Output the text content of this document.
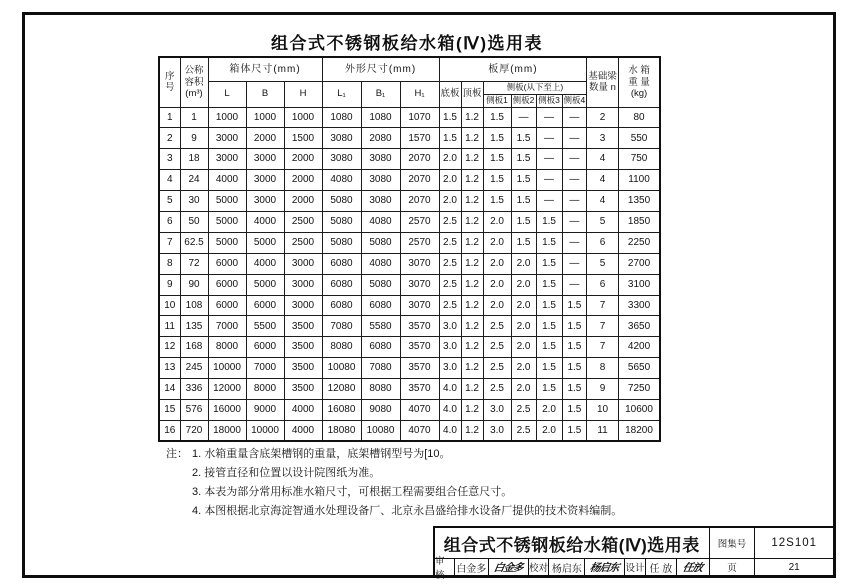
组合式不锈钢板给水箱(Ⅳ)选用表
序
号	公称
容积
(m³)	箱体尺寸(mm)			外形尺寸(mm)			板厚(mm)						基础梁
数量 n	水 箱
重 量
(kg)

		L	B	H	L₁	B₁	H₁	底板	顶板	侧板(从下至上)					
										侧板1	侧板2	侧板3	侧板4		
1	1	1000	1000	1000	1080	1080	1070	1.5	1.2	1.5	—	—	—	2	80
2	9	3000	2000	1500	3080	2080	1570	1.5	1.2	1.5	1.5	—	—	3	550
3	18	3000	3000	2000	3080	3080	2070	2.0	1.2	1.5	1.5	—	—	4	750
4	24	4000	3000	2000	4080	3080	2070	2.0	1.2	1.5	1.5	—	—	4	1100
5	30	5000	3000	2000	5080	3080	2070	2.0	1.2	1.5	1.5	—	—	4	1350
6	50	5000	4000	2500	5080	4080	2570	2.5	1.2	2.0	1.5	1.5	—	5	1850
7	62.5	5000	5000	2500	5080	5080	2570	2.5	1.2	2.0	1.5	1.5	—	6	2250
8	72	6000	4000	3000	6080	4080	3070	2.5	1.2	2.0	2.0	1.5	—	5	2700
9	90	6000	5000	3000	6080	5080	3070	2.5	1.2	2.0	2.0	1.5	—	6	3100
10	108	6000	6000	3000	6080	6080	3070	2.5	1.2	2.0	2.0	1.5	1.5	7	3300
11	135	7000	5500	3500	7080	5580	3570	3.0	1.2	2.5	2.0	1.5	1.5	7	3650
12	168	8000	6000	3500	8080	6080	3570	3.0	1.2	2.5	2.0	1.5	1.5	7	4200
13	245	10000	7000	3500	10080	7080	3570	3.0	1.2	2.5	2.0	1.5	1.5	8	5650
14	336	12000	8000	3500	12080	8080	3570	4.0	1.2	2.5	2.0	1.5	1.5	9	7250
15	576	16000	9000	4000	16080	9080	4070	4.0	1.2	3.0	2.5	2.0	1.5	10	10600
16	720	18000	10000	4000	18080	10080	4070	4.0	1.2	3.0	2.5	2.0	1.5	11	18200
注： 1. 水箱重量含底架槽钢的重量，底架槽钢型号为[10。
2. 接管直径和位置以设计院图纸为准。
3. 本表为部分常用标准水箱尺寸，可根据工程需要组合任意尺寸。
4. 本图根据北京海淀智通水处理设备厂、北京永昌盛给排水设备厂提供的技术资料编制。
组合式不锈钢板给水箱(Ⅳ)选用表	图集号	12S101
审核
白金多 白金多 校对 杨启东 杨启东 设计 任 放 任放	页	21
